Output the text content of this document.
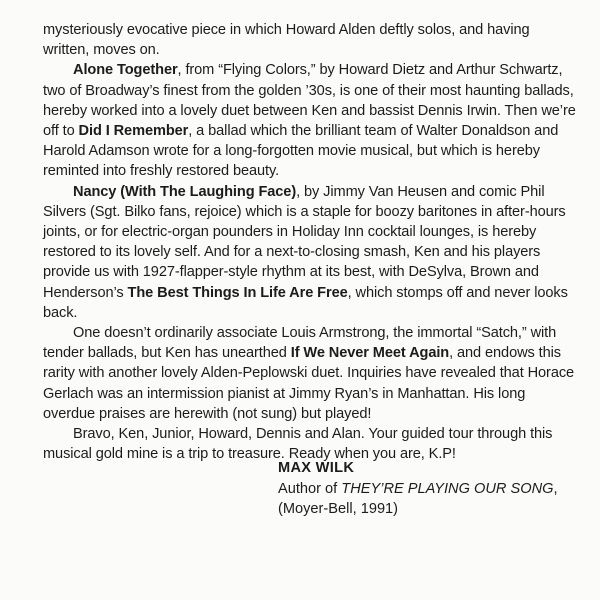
mysteriously evocative piece in which Howard Alden deftly solos, and having written, moves on.

Alone Together, from “Flying Colors,” by Howard Dietz and Arthur Schwartz, two of Broadway’s finest from the golden ’30s, is one of their most haunting ballads, hereby worked into a lovely duet between Ken and bassist Dennis Irwin. Then we’re off to Did I Remember, a ballad which the brilliant team of Walter Donaldson and Harold Adamson wrote for a long-forgotten movie musical, but which is hereby reminted into freshly restored beauty.

Nancy (With The Laughing Face), by Jimmy Van Heusen and comic Phil Silvers (Sgt. Bilko fans, rejoice) which is a staple for boozy baritones in after-hours joints, or for electric-organ pounders in Holiday Inn cocktail lounges, is hereby restored to its lovely self. And for a next-to-closing smash, Ken and his players provide us with 1927-flapper-style rhythm at its best, with DeSylva, Brown and Henderson’s The Best Things In Life Are Free, which stomps off and never looks back.

One doesn’t ordinarily associate Louis Armstrong, the immortal “Satch,” with tender ballads, but Ken has unearthed If We Never Meet Again, and endows this rarity with another lovely Alden-Peplowski duet. Inquiries have revealed that Horace Gerlach was an intermission pianist at Jimmy Ryan’s in Manhattan. His long overdue praises are herewith (not sung) but played!

Bravo, Ken, Junior, Howard, Dennis and Alan. Your guided tour through this musical gold mine is a trip to treasure. Ready when you are, K.P!

MAX WILK
Author of THEY’RE PLAYING OUR SONG,
(Moyer-Bell, 1991)
